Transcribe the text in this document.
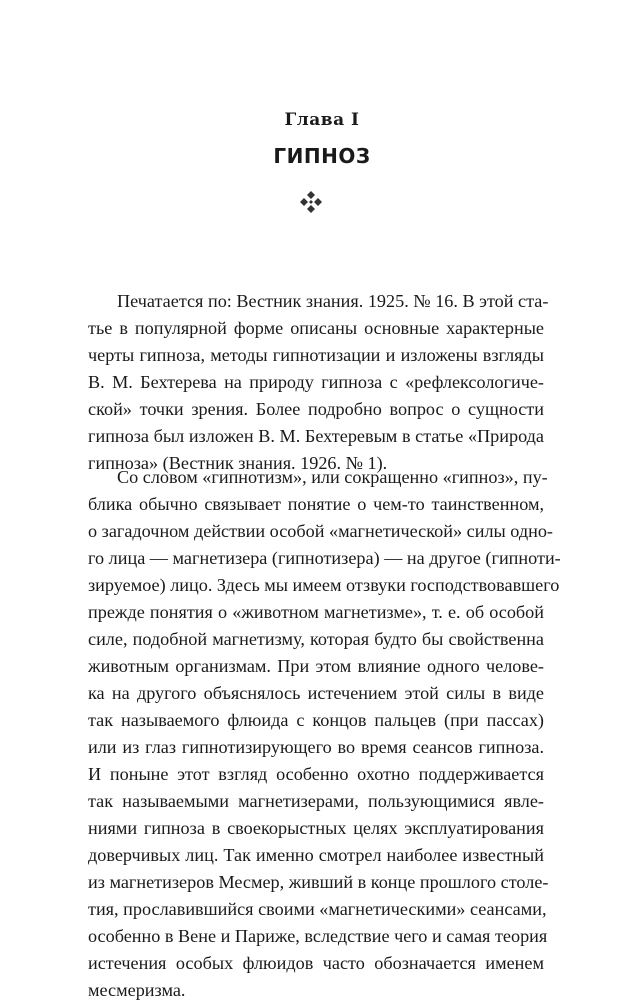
Глава I
ГИПНОЗ
Печатается по: Вестник знания. 1925. № 16. В этой ста-
тье в популярной форме описаны основные характерные
черты гипноза, методы гипнотизации и изложены взгляды
В. М. Бехтерева на природу гипноза с «рефлексологиче-
ской» точки зрения. Более подробно вопрос о сущности
гипноза был изложен В. М. Бехтеревым в статье «Природа
гипноза» (Вестник знания. 1926. № 1).
Со словом «гипнотизм», или сокращенно «гипноз», пу-
блика обычно связывает понятие о чем-то таинственном,
о загадочном действии особой «магнетической» силы одно-
го лица — магнетизера (гипнотизера) — на другое (гипноти-
зируемое) лицо. Здесь мы имеем отзвуки господствовавшего
прежде понятия о «животном магнетизме», т. е. об особой
силе, подобной магнетизму, которая будто бы свойственна
животным организмам. При этом влияние одного челове-
ка на другого объяснялось истечением этой силы в виде
так называемого флюида с концов пальцев (при пассах)
или из глаз гипнотизирующего во время сеансов гипноза.
И поныне этот взгляд особенно охотно поддерживается
так называемыми магнетизерами, пользующимися явле-
ниями гипноза в своекорыстных целях эксплуатирования
доверчивых лиц. Так именно смотрел наиболее известный
из магнетизеров Месмер, живший в конце прошлого столе-
тия, прославившийся своими «магнетическими» сеансами,
особенно в Вене и Париже, вследствие чего и самая теория
истечения особых флюидов часто обозначается именем
месмеризма.
